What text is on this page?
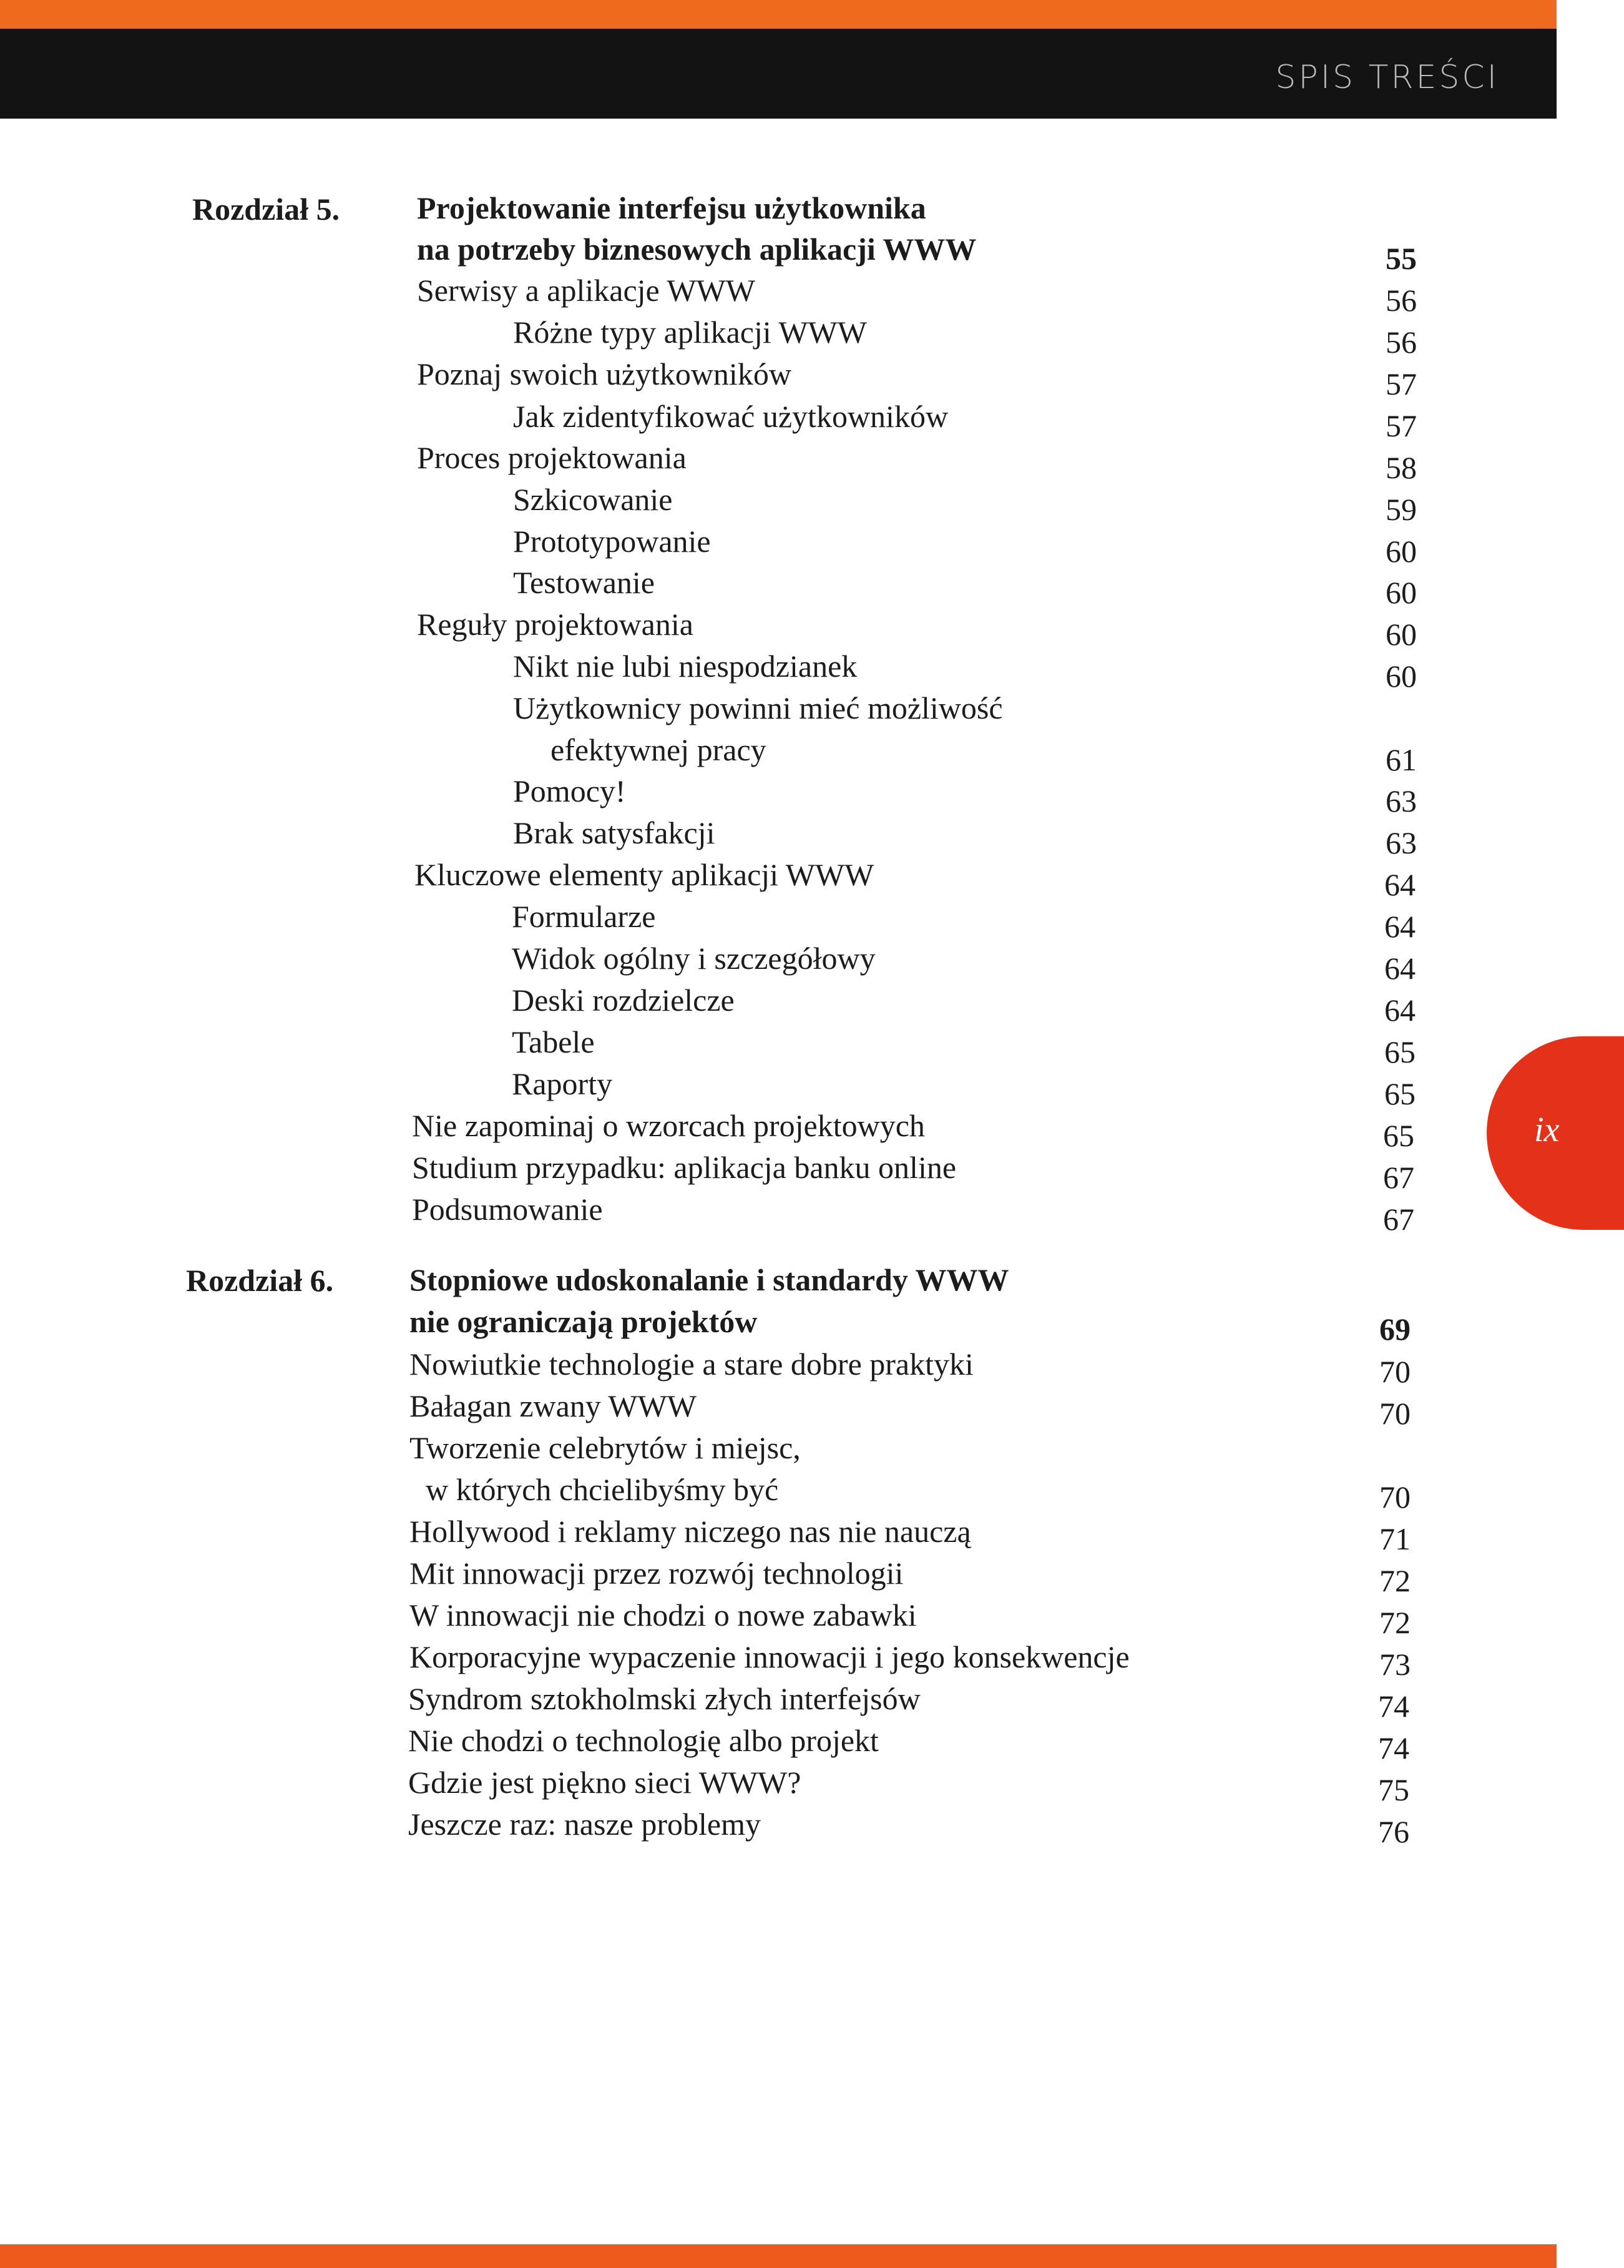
SPIS TREŚCI
ix
Rozdział 5. Projektowanie interfejsu użytkownika
na potrzeby biznesowych aplikacji WWW	55
Serwisy a aplikacje WWW	56
Różne typy aplikacji WWW	56
Poznaj swoich użytkowników	57
Jak zidentyfikować użytkowników	57
Proces projektowania	58
Szkicowanie	59
Prototypowanie	60
Testowanie	60
Reguły projektowania	60
Nikt nie lubi niespodzianek	60
Użytkownicy powinni mieć możliwość
efektywnej pracy	61
Pomocy!	63
Brak satysfakcji	63
Kluczowe elementy aplikacji WWW	64
Formularze	64
Widok ogólny i szczegółowy	64
Deski rozdzielcze	64
Tabele	65
Raporty	65
Nie zapominaj o wzorcach projektowych	65
Studium przypadku: aplikacja banku online	67
Podsumowanie	67
Rozdział 6. Stopniowe udoskonalanie i standardy WWW
nie ograniczają projektów	69
Nowiutkie technologie a stare dobre praktyki	70
Bałagan zwany WWW	70
Tworzenie celebrytów i miejsc,
w których chcielibyśmy być	70
Hollywood i reklamy niczego nas nie nauczą	71
Mit innowacji przez rozwój technologii	72
W innowacji nie chodzi o nowe zabawki	72
Korporacyjne wypaczenie innowacji i jego konsekwencje	73
Syndrom sztokholmski złych interfejsów	74
Nie chodzi o technologię albo projekt	74
Gdzie jest piękno sieci WWW?	75
Jeszcze raz: nasze problemy	76
